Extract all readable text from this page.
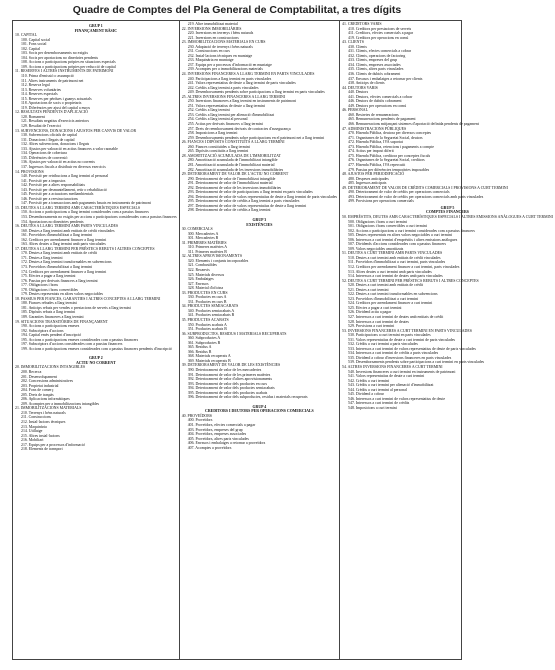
Quadre de Comptes del Pla General de Comptabilitat, a tres dígits
GRUP 1
FINANÇAMENT BÀSIC
10. CAPITAL
100. Capital social
101. Fons social
102. Capital
103. Socis per desemborsaments no exigits
104. Socis per aportacions no dineràries pendents
108. Accions o participacions pròpies en situacions especials
109. Accions o participacions pròpies per reducció de capital
11. RESERVES I ALTRES INSTRUMENTS DE PATRIMONI
110. Prima d'emissió o assumpció
111. Altres instruments de patrimoni net
112. Reserva legal
113. Reserves voluntàries
114. Reserves especials
115. Reserves per pèrdues i guanys actuarials
118. Aportacions de socis o propietaris
119. Diferències per ajust del capital a euros
12. RESULTATS PENDENTS D'APLICACIÓ
120. Romanent
121. Resultats negatius d'exercicis anteriors
129. Resultat de l'exercici
13. SUBVENCIONS, DONACIONS I AJUSTOS PER CANVIS DE VALOR
130. Subvencions oficials de capital
131. Donacions i llegats de capital
132. Altres subvencions, donacions i llegats
133. Ajustos per valoració en actius financers a valor raonable
134. Operacions de cobertura
135. Diferències de conversió
136. Ajustos per valoració en actius no corrents
137. Ingressos fiscals a distribuir en diversos exercicis
14. PROVISIONS
140. Provisió per retribucions a llarg termini al personal
141. Provisió per a impostos
142. Provisió per a altres responsabilitats
143. Provisió per desmantellament, retir o rehabilitació
145. Provisió per a actuacions mediambientals
146. Provisió per a reestructuracions
147. Provisió per a transaccions amb pagaments basats en instruments de patrimoni
15. DEUTES A LLARG TERMINI AMB CARACTERÍSTIQUES ESPECIALS
150. Accions o participacions a llarg termini considerades com a passius financers
153. Desemborsaments no exigits per accions o participacions considerades com a passius financers
154. Aportacions no dineràries pendents
16. DEUTES A LLARG TERMINI AMB PARTS VINCULADES
160. Deutes a llarg termini amb entitats de crèdit vinculades
161. Proveïdors d'immobilitzat a llarg termini
162. Creditors per arrendament financer a llarg termini
163. Altres deutes a llarg termini amb parts vinculades
17. DEUTES A LLARG TERMINI PER PRÉSTECS REBUTS I ALTRES CONCEPTES
170. Deutes a llarg termini amb entitats de crèdit
171. Deutes a llarg termini
172. Deutes a llarg termini transformables en subvencions
173. Proveïdors d'immobilitzat a llarg termini
174. Creditors per arrendament financer a llarg termini
175. Efectes a pagar a llarg termini
176. Passius per derivats financers a llarg termini
177. Obligacions i bons
178. Obligacions i bons convertibles
179. Deutes representats en altres valors negociables
18. PASSIUS PER FIANCES, GARANTIES I ALTRES CONCEPTES A LLARG TERMINI
180. Fiances rebudes a llarg termini
181. Anticips rebuts per vendes o prestacions de serveis a llarg termini
185. Dipòsits rebuts a llarg termini
189. Garanties financeres a llarg termini
19. SITUACIONS TRANSITÒRIES DE FINANÇAMENT
190. Accions o participacions emeses
192. Subscriptors d'accions
194. Capital emès pendent d'inscripció
195. Accions o participacions emeses considerades com a passius financers
197. Subscriptors d'accions considerades com a passius financers
199. Accions o participacions emeses considerades com a passius financers pendents d'inscripció
GRUP 2
ACTIU NO CORRENT
20. IMMOBILITZACIONS INTANGIBLES
200. Recerca
201. Desenvolupament
202. Concessions administratives
203. Propietat industrial
204. Fons de comerç
205. Drets de traspàs
206. Aplicacions informàtiques
209. Acomptes per a immobilitzacions intangibles
21. IMMOBILITZACIONS MATERIALS
210. Terrenys i béns naturals
211. Construccions
212. Instal·lacions tècniques
213. Maquinària
214. Utillatge
215. Altres instal·lacions
216. Mobiliari
217. Equips per a processos d'informació
218. Elements de transport
219. Altre immobilitzat material
22. INVERSIONS IMMOBILIÀRIES
220. Inversions en terrenys i béns naturals
221. Inversions en construccions
23. IMMOBILITZACIONS MATERIALS EN CURS
230. Adaptació de terrenys i béns naturals
231. Construccions en curs
232. Instal·lacions tècniques en muntatge
233. Maquinària en muntatge
237. Equips per a processos d'informació en muntatge
239. Acomptes per a immobilitzacions materials
24. INVERSIONS FINANCERES A LLARG TERMINI EN PARTS VINCULADES
240. Participacions a llarg termini en parts vinculades
241. Valors representatius de deute a llarg termini de parts vinculades
242. Crèdits a llarg termini a parts vinculades
249. Desemborsaments pendents sobre participacions a llarg termini en parts vinculades
25. ALTRES INVERSIONS FINANCERES A LLARG TERMINI
250. Inversions financeres a llarg termini en instruments de patrimoni
251. Valors representatius de deute a llarg termini
252. Crèdits a llarg termini
253. Crèdits a llarg termini per alienació d'immobilitzat
254. Crèdits a llarg termini al personal
255. Actius per derivats financers a llarg termini
257. Drets de reemborsament derivats de contractes d'assegurança
258. Imposicions a llarg termini
259. Desemborsaments pendents sobre participacions en el patrimoni net a llarg termini
26. FIANCES I DIPÒSITS CONSTITUÏTS A LLARG TERMINI
260. Fiances constituïdes a llarg termini
265. Dipòsits constituïts a llarg termini
28. AMORTITZACIÓ ACUMULADA DE L'IMMOBILITZAT
280. Amortització acumulada de l'immobilitzat intangible
281. Amortització acumulada de l'immobilitzat material
282. Amortització acumulada de les inversions immobiliàries
29. DETERIORAMENT DE VALOR DE L'ACTIU NO CORRENT
290. Deteriorament de valor de l'immobilitzat intangible
291. Deteriorament de valor de l'immobilitzat material
292. Deteriorament de valor de les inversions immobiliàries
293. Deteriorament de valor de participacions a llarg termini en parts vinculades
294. Deteriorament de valor de valors representatius de deute a llarg termini de parts vinculades
295. Deteriorament de valor de crèdits a llarg termini a parts vinculades
297. Deteriorament de valor de valors representatius de deute a llarg termini
298. Deteriorament de valor de crèdits a llarg termini
GRUP 3
EXISTÈNCIES
30. COMERCIALS
300. Mercaderies A
301. Mercaderies B
31. PRIMERES MATÈRIES
310. Primeres matèries A
311. Primeres matèries B
32. ALTRES APROVISIONAMENTS
320. Elements i conjunts incorporables
321. Combustibles
322. Recanvis
325. Materials diversos
326. Embalatges
327. Envasos
328. Material d'oficina
33. PRODUCTES EN CURS
330. Productes en curs A
331. Productes en curs B
34. PRODUCTES SEMIACABATS
340. Productes semiacabats A
341. Productes semiacabats B
35. PRODUCTES ACABATS
350. Productes acabats A
351. Productes acabats B
36. SUBPRODUCTES, RESIDUS I MATERIALS RECUPERATS
360. Subproductes A
361. Subproductes B
365. Residus A
366. Residus B
368. Materials recuperats A
369. Materials recuperats B
39. DETERIORAMENT DE VALOR DE LES EXISTÈNCIES
390. Deteriorament de valor de les mercaderies
391. Deteriorament de valor de les primeres matèries
392. Deteriorament de valor d'altres aprovisionaments
393. Deteriorament de valor dels productes en curs
394. Deteriorament de valor dels productes semiacabats
395. Deteriorament de valor dels productes acabats
396. Deteriorament de valor dels subproductes, residus i materials recuperats
GRUP 4
CREDITORS I DEUTORS PER OPERACIONS COMERCIALS
40. PROVEÏDORS
400. Proveïdors
401. Proveïdors, efectes comercials a pagar
403. Proveïdors, empreses del grup
404. Proveïdors, empreses associades
405. Proveïdors, altres parts vinculades
406. Envasos i embalatges a retornar a proveïdors
407. Acomptes a proveïdors
41. CREDITORS VARIS
410. Creditors per prestacions de serveis
411. Creditors, efectes comercials a pagar
419. Creditors per operacions en comú
43. CLIENTS
430. Clients
431. Clients, efectes comercials a cobrar
432. Clients, operacions de factoring
433. Clients, empreses del grup
434. Clients, empreses associades
435. Clients, altres parts vinculades
436. Clients de dubtós cobrament
437. Envasos i embalatges a retornar per clients
438. Anticips de clients
44. DEUTORS VARIS
440. Deutors
441. Deutors, efectes comercials a cobrar
446. Deutors de dubtós cobrament
449. Deutors per operacions en comú
46. PERSONAL
460. Bestretes de remuneracions
465. Remuneracions pendents de pagament
466. Remuneracions mitjançant sistemes d'aportació definida pendents de pagament
47. ADMINISTRACIONS PÚBLIQUES
470. Hisenda Pública, deutora per diversos conceptes
471. Organismes de la Seguretat Social, deutors
472. Hisenda Pública, IVA suportat
473. Hisenda Pública, retencions i pagaments a compte
474. Actius per impost diferit
475. Hisenda Pública, creditora per conceptes fiscals
476. Organismes de la Seguretat Social, creditors
477. Hisenda Pública, IVA repercutit
479. Passius per diferències temporàries imposables
48. AJUSTOS PER PERIODIFICACIÓ
480. Despeses anticipades
485. Ingressos anticipats
49. DETERIORAMENT DE VALOR DE CRÈDITS COMERCIALS I PROVISIONS A CURT TERMINI
490. Deteriorament de valor de crèdits per operacions comercials
493. Deteriorament de valor de crèdits per operacions comercials amb parts vinculades
499. Provisions per operacions comercials
GRUP 5
COMPTES FINANCERS
50. EMPRÉSTITS, DEUTES AMB CARACTERÍSTIQUES ESPECIALS I ALTRES EMISSIONS ANÀLOGUES A CURT TERMINI
500. Obligacions i bons a curt termini
501. Obligacions i bons convertibles a curt termini
502. Accions o participacions a curt termini considerades com a passius financers
505. Deutes representats en altres valors negociables a curt termini
506. Interessos a curt termini d'empréstits i altres emissions anàlogues
507. Dividends d'accions considerades com a passius financers
509. Valors negociables amortitzats
51. DEUTES A CURT TERMINI AMB PARTS VINCULADES
510. Deutes a curt termini amb entitats de crèdit vinculades
511. Proveïdors d'immobilitzat a curt termini, parts vinculades
512. Creditors per arrendament financer a curt termini, parts vinculades
513. Altres deutes a curt termini amb parts vinculades
514. Interessos a curt termini de deutes amb parts vinculades
52. DEUTES A CURT TERMINI PER PRÉSTECS REBUTS I ALTRES CONCEPTES
520. Deutes a curt termini amb entitats de crèdit
521. Deutes a curt termini
522. Deutes a curt termini transformables en subvencions
523. Proveïdors d'immobilitzat a curt termini
524. Creditors per arrendament financer a curt termini
525. Efectes a pagar a curt termini
526. Dividend actiu a pagar
527. Interessos a curt termini de deutes amb entitats de crèdit
528. Interessos a curt termini de deutes
529. Provisions a curt termini
53. INVERSIONS FINANCERES A CURT TERMINI EN PARTS VINCULADES
530. Participacions a curt termini en parts vinculades
531. Valors representatius de deute a curt termini de parts vinculades
532. Crèdits a curt termini a parts vinculades
533. Interessos a curt termini de valors representatius de deute de parts vinculades
534. Interessos a curt termini de crèdits a parts vinculades
535. Dividend a cobrar d'inversions financeres en parts vinculades
539. Desemborsaments pendents sobre participacions a curt termini en parts vinculades
54. ALTRES INVERSIONS FINANCERES A CURT TERMINI
540. Inversions financeres a curt termini en instruments de patrimoni
541. Valors representatius de deute a curt termini
542. Crèdits a curt termini
543. Crèdits a curt termini per alienació d'immobilitzat
544. Crèdits a curt termini al personal
545. Dividend a cobrar
546. Interessos a curt termini de valors representatius de deute
547. Interessos a curt termini de crèdits
548. Imposicions a curt termini
